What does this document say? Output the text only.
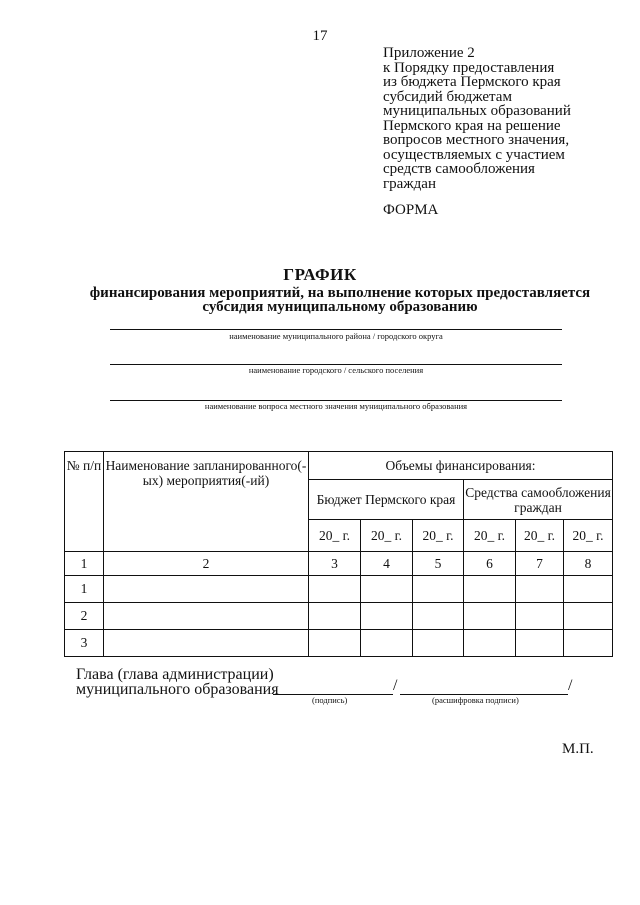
17
Приложение 2
к Порядку предоставления
из бюджета Пермского края
субсидий бюджетам
муниципальных образований
Пермского края на решение
вопросов местного значения,
осуществляемых с участием
средств самообложения
граждан
ФОРМА
ГРАФИК
финансирования мероприятий, на выполнение которых предоставляется
субсидия муниципальному образованию
наименование муниципального района / городского округа
наименование городского / сельского поселения
наименование вопроса местного значения муниципального образования
№ п/п	Наименование запланированного(-ых) мероприятия(-ий)	Объемы финансирования:					
		Бюджет Пермского края			Средства самообложения граждан		
		20_ г.	20_ г.	20_ г.	20_ г.	20_ г.	20_ г.
1	2	3	4	5	6	7	8
1							
2							
3							
Глава (глава администрации)
муниципального образования	/	/
(подпись)	(расшифровка подписи)
М.П.
